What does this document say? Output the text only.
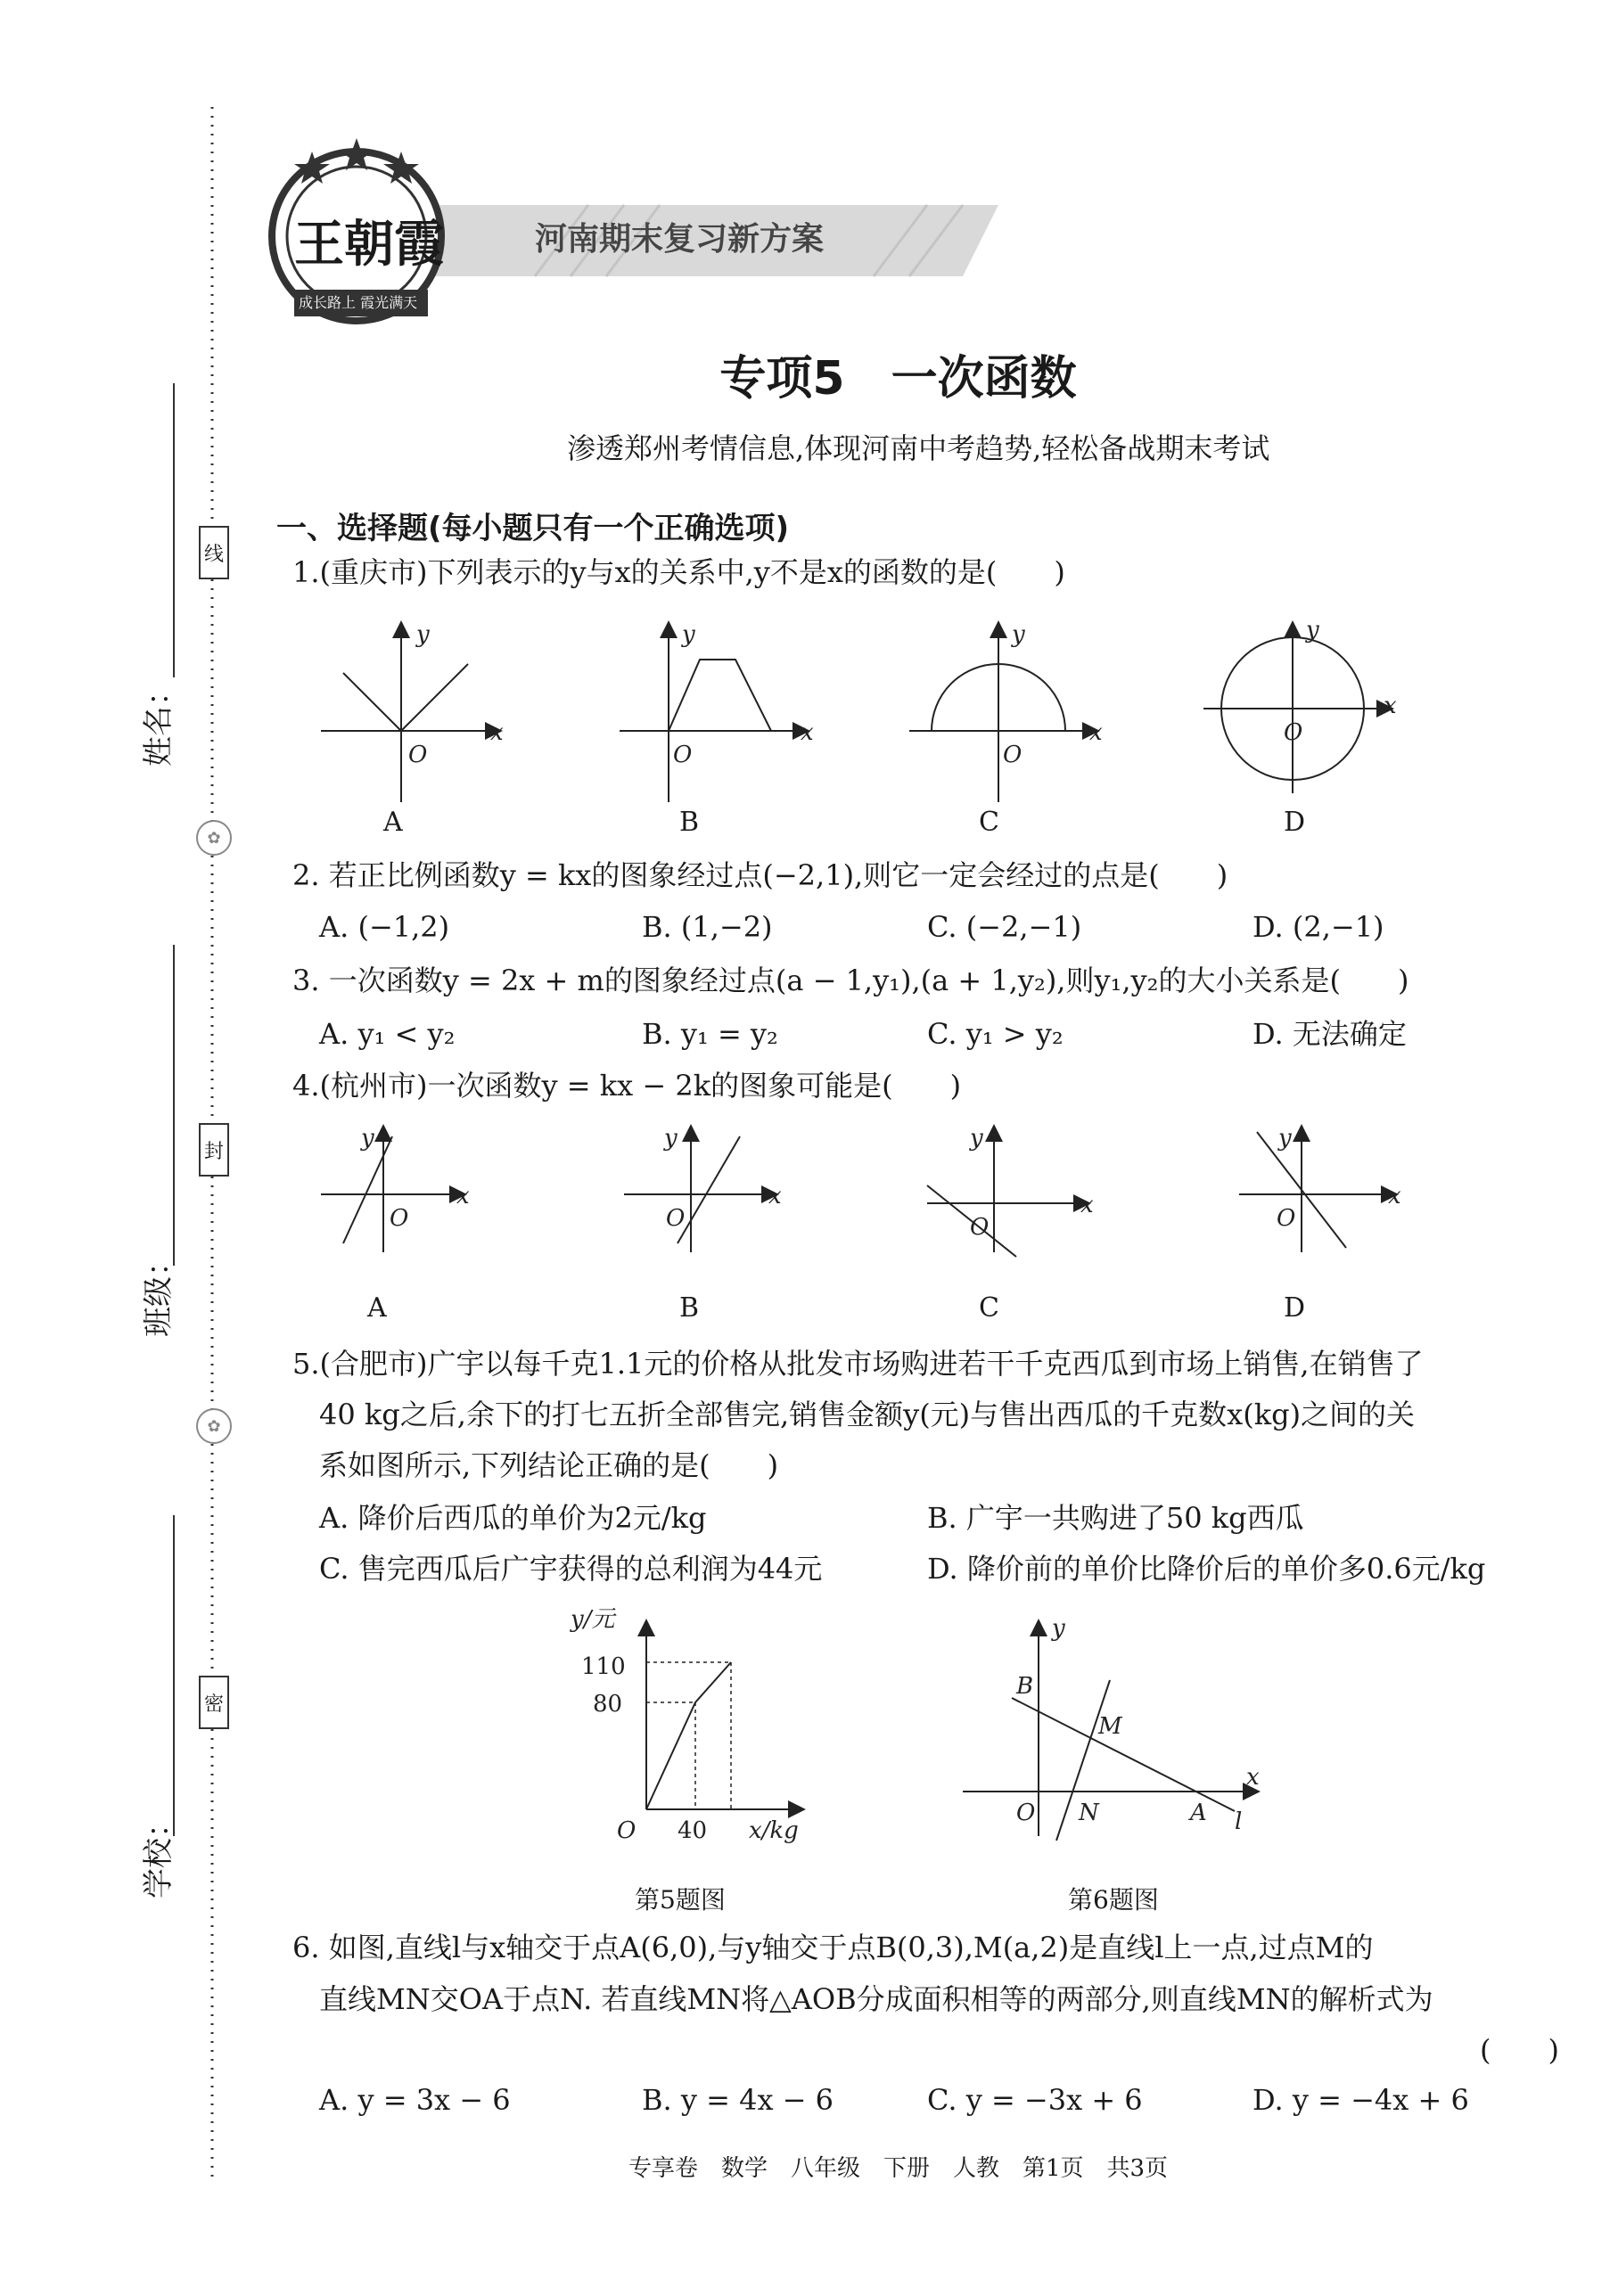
姓名：
班级：
学校：
线
封
密
✿
✿
王朝霞
成长路上 霞光满天
河南期末复习新方案
专项5　一次函数
渗透郑州考情信息,体现河南中考趋势,轻松备战期末考试
一、选择题(每小题只有一个正确选项)
1.(重庆市)下列表示的y与x的关系中,y不是x的函数的是(　　)
y
x
O
y
x
O
y
x
O
y
x
O
A	B	C	D
2. 若正比例函数y = kx的图象经过点(−2,1),则它一定会经过的点是(　　)
A. (−1,2)	B. (1,−2)	C. (−2,−1)	D. (2,−1)
3. 一次函数y = 2x + m的图象经过点(a − 1,y₁),(a + 1,y₂),则y₁,y₂的大小关系是(　　)
A. y₁ < y₂	B. y₁ = y₂	C. y₁ > y₂	D. 无法确定
4.(杭州市)一次函数y = kx − 2k的图象可能是(　　)
y
x
O
y
x
O
y
x
O
y
x
O
A	B	C	D
5.(合肥市)广宇以每千克1.1元的价格从批发市场购进若干千克西瓜到市场上销售,在销售了
40 kg之后,余下的打七五折全部售完,销售金额y(元)与售出西瓜的千克数x(kg)之间的关
系如图所示,下列结论正确的是(　　)
A. 降价后西瓜的单价为2元/kg	B. 广宇一共购进了50 kg西瓜
C. 售完西瓜后广宇获得的总利润为44元	D. 降价前的单价比降价后的单价多0.6元/kg
110
80
40
O
y/元
x/kg
第5题图
y
x
B
M
O N	A l
第6题图
6. 如图,直线l与x轴交于点A(6,0),与y轴交于点B(0,3),M(a,2)是直线l上一点,过点M的
直线MN交OA于点N. 若直线MN将△AOB分成面积相等的两部分,则直线MN的解析式为
(　　)
A. y = 3x − 6	B. y = 4x − 6	C. y = −3x + 6	D. y = −4x + 6
专享卷　数学　八年级　下册　人教　第1页　共3页
